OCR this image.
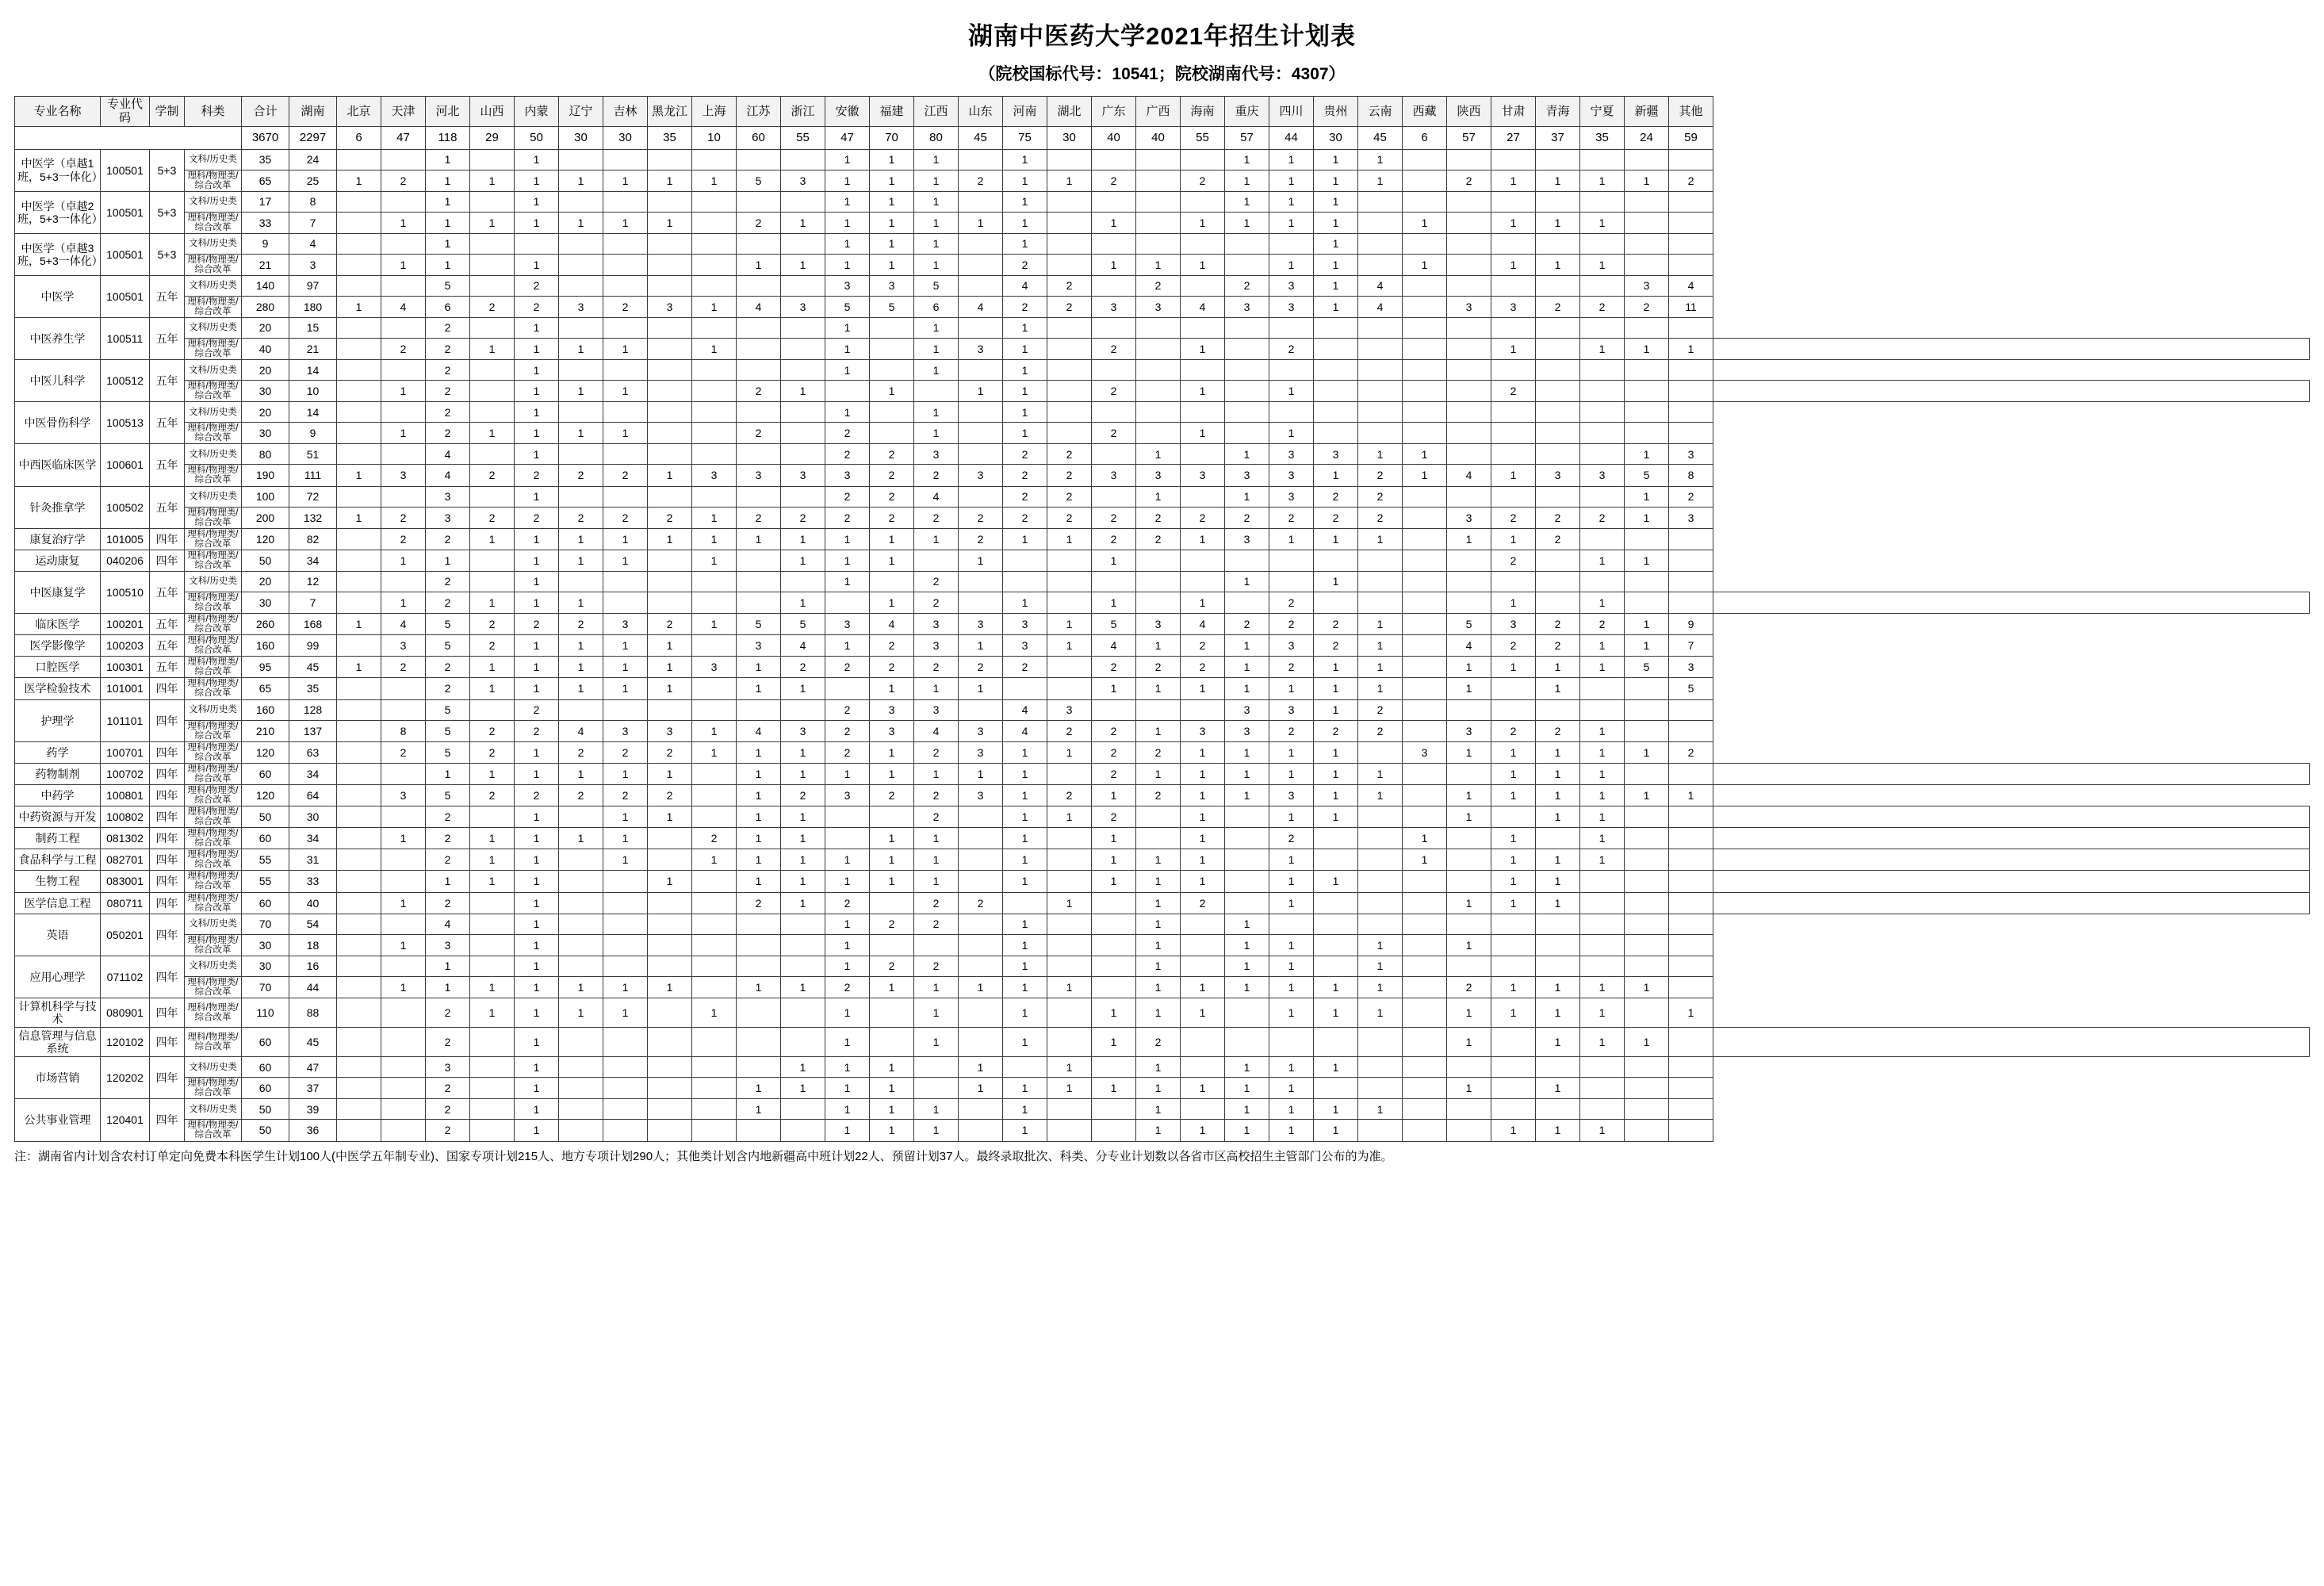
湖南中医药大学2021年招生计划表
（院校国标代号：10541；院校湖南代号：4307）
专业名称	专业代码	学制	科类	合计	湖南	北京	天津	河北	山西	内蒙	辽宁	吉林	黑龙江	上海	江苏	浙江	安徽	福建	江西	山东	河南	湖北	广东	广西	海南	重庆	四川	贵州	云南	西藏	陕西	甘肃	青海	宁夏	新疆	其他	
				3670	2297	6	47	118	29	50	30	30	35	10	60	55	47	70	80	45	75	30	40	40	55	57	44	30	45	6	57	27	37	35	24	59	
中医学（卓越1班，5+3一体化）	100501	5+3	文科/历史类	35	24			1		1							1	1	1		1					1	1	1	1								
			理科/物理类/综合改革	65	25	1	2	1	1	1	1	1	1	1	5	3	1	1	1	2	1	1	2		2	1	1	1	1		2	1	1	1	1	2	
中医学（卓越2班，5+3一体化）	100501	5+3	文科/历史类	17	8			1		1							1	1	1		1					1	1	1									
			理科/物理类/综合改革	33	7		1	1	1	1	1	1	1		2	1	1	1	1	1	1		1		1	1	1	1		1		1	1	1			
中医学（卓越3班，5+3一体化）	100501	5+3	文科/历史类	9	4			1									1	1	1		1							1									
			理科/物理类/综合改革	21	3		1	1		1					1	1	1	1	1		2		1	1	1		1	1		1		1	1	1			
中医学	100501	五年	文科/历史类	140	97			5		2							3	3	5		4	2		2		2	3	1	4						3	4	
			理科/物理类/综合改革	280	180	1	4	6	2	2	3	2	3	1	4	3	5	5	6	4	2	2	3	3	4	3	3	1	4		3	3	2	2	2	11	
中医养生学	100511	五年	文科/历史类	20	15			2		1							1		1		1																
			理科/物理类/综合改革	40	21		2	2	1	1	1	1		1			1		1	3	1		2		1		2					1		1	1	1	
中医儿科学	100512	五年	文科/历史类	20	14			2		1							1		1		1																
			理科/物理类/综合改革	30	10		1	2		1	1	1			2	1		1		1	1		2		1		1					2					
中医骨伤科学	100513	五年	文科/历史类	20	14			2		1							1		1		1																
			理科/物理类/综合改革	30	9		1	2	1	1	1	1			2		2		1		1		2		1		1										
中西医临床医学	100601	五年	文科/历史类	80	51			4		1							2	2	3		2	2		1		1	3	3	1	1					1	3	
			理科/物理类/综合改革	190	111	1	3	4	2	2	2	2	1	3	3	3	3	2	2	3	2	2	3	3	3	3	3	1	2	1	4	1	3	3	5	8	
针灸推拿学	100502	五年	文科/历史类	100	72			3		1							2	2	4		2	2		1		1	3	2	2						1	2	
			理科/物理类/综合改革	200	132	1	2	3	2	2	2	2	2	1	2	2	2	2	2	2	2	2	2	2	2	2	2	2	2		3	2	2	2	1	3	
康复治疗学	101005	四年	理科/物理类/综合改革	120	82		2	2	1	1	1	1	1	1	1	1	1	1	1	2	1	1	2	2	1	3	1	1	1		1	1	2				
运动康复	040206	四年	理科/物理类/综合改革	50	34		1	1		1	1	1		1		1	1	1		1			1									2		1	1		
中医康复学	100510	五年	文科/历史类	20	12			2		1							1		2							1		1									
			理科/物理类/综合改革	30	7		1	2	1	1	1					1		1	2		1		1		1		2					1		1			
临床医学	100201	五年	理科/物理类/综合改革	260	168	1	4	5	2	2	2	3	2	1	5	5	3	4	3	3	3	1	5	3	4	2	2	2	1		5	3	2	2	1	9	
医学影像学	100203	五年	理科/物理类/综合改革	160	99		3	5	2	1	1	1	1		3	4	1	2	3	1	3	1	4	1	2	1	3	2	1		4	2	2	1	1	7	
口腔医学	100301	五年	理科/物理类/综合改革	95	45	1	2	2	1	1	1	1	1	3	1	2	2	2	2	2	2		2	2	2	1	2	1	1		1	1	1	1	5	3	
医学检验技术	101001	四年	理科/物理类/综合改革	65	35			2	1	1	1	1	1		1	1		1	1	1			1	1	1	1	1	1	1		1		1			5	
护理学	101101	四年	文科/历史类	160	128			5		2							2	3	3		4	3				3	3	1	2								
			理科/物理类/综合改革	210	137		8	5	2	2	4	3	3	1	4	3	2	3	4	3	4	2	2	1	3	3	2	2	2		3	2	2	1			
药学	100701	四年	理科/物理类/综合改革	120	63		2	5	2	1	2	2	2	1	1	1	2	1	2	3	1	1	2	2	1	1	1	1		3	1	1	1	1	1	2	
药物制剂	100702	四年	理科/物理类/综合改革	60	34			1	1	1	1	1	1		1	1	1	1	1	1	1		2	1	1	1	1	1	1			1	1	1			
中药学	100801	四年	理科/物理类/综合改革	120	64		3	5	2	2	2	2	2		1	2	3	2	2	3	1	2	1	2	1	1	3	1	1		1	1	1	1	1	1	
中药资源与开发	100802	四年	理科/物理类/综合改革	50	30			2		1		1	1		1	1			2		1	1	2		1		1	1			1		1	1			
制药工程	081302	四年	理科/物理类/综合改革	60	34		1	2	1	1	1	1		2	1	1		1	1		1		1		1		2			1		1		1			
食品科学与工程	082701	四年	理科/物理类/综合改革	55	31			2	1	1		1		1	1	1	1	1	1		1		1	1	1		1			1		1	1	1			
生物工程	083001	四年	理科/物理类/综合改革	55	33			1	1	1			1		1	1	1	1	1		1		1	1	1		1	1				1	1				
医学信息工程	080711	四年	理科/物理类/综合改革	60	40		1	2		1					2	1	2		2	2		1		1	2		1				1	1	1				
英语	050201	四年	文科/历史类	70	54			4		1							1	2	2		1			1		1											
			理科/物理类/综合改革	30	18		1	3		1							1				1			1		1	1		1		1						
应用心理学	071102	四年	文科/历史类	30	16			1		1							1	2	2		1			1		1	1		1								
			理科/物理类/综合改革	70	44		1	1	1	1	1	1	1		1	1	2	1	1	1	1	1		1	1	1	1	1	1		2	1	1	1	1		
计算机科学与技术	080901	四年	理科/物理类/综合改革	110	88			2	1	1	1	1		1			1		1		1		1	1	1		1	1	1		1	1	1	1		1	
信息管理与信息系统	120102	四年	理科/物理类/综合改革	60	45			2		1							1		1		1		1	2							1		1	1	1		
市场营销	120202	四年	文科/历史类	60	47			3		1						1	1	1		1		1		1		1	1	1									
			理科/物理类/综合改革	60	37			2		1					1	1	1	1		1	1	1	1	1	1	1	1				1		1				
公共事业管理	120401	四年	文科/历史类	50	39			2		1					1		1	1	1		1			1		1	1	1	1								
			理科/物理类/综合改革	50	36			2		1							1	1	1		1			1	1	1	1	1				1	1	1			
注：湖南省内计划含农村订单定向免费本科医学生计划100人(中医学五年制专业)、国家专项计划215人、地方专项计划290人；其他类计划含内地新疆高中班计划22人、预留计划37人。最终录取批次、科类、分专业计划数以各省市区高校招生主管部门公布的为准。
